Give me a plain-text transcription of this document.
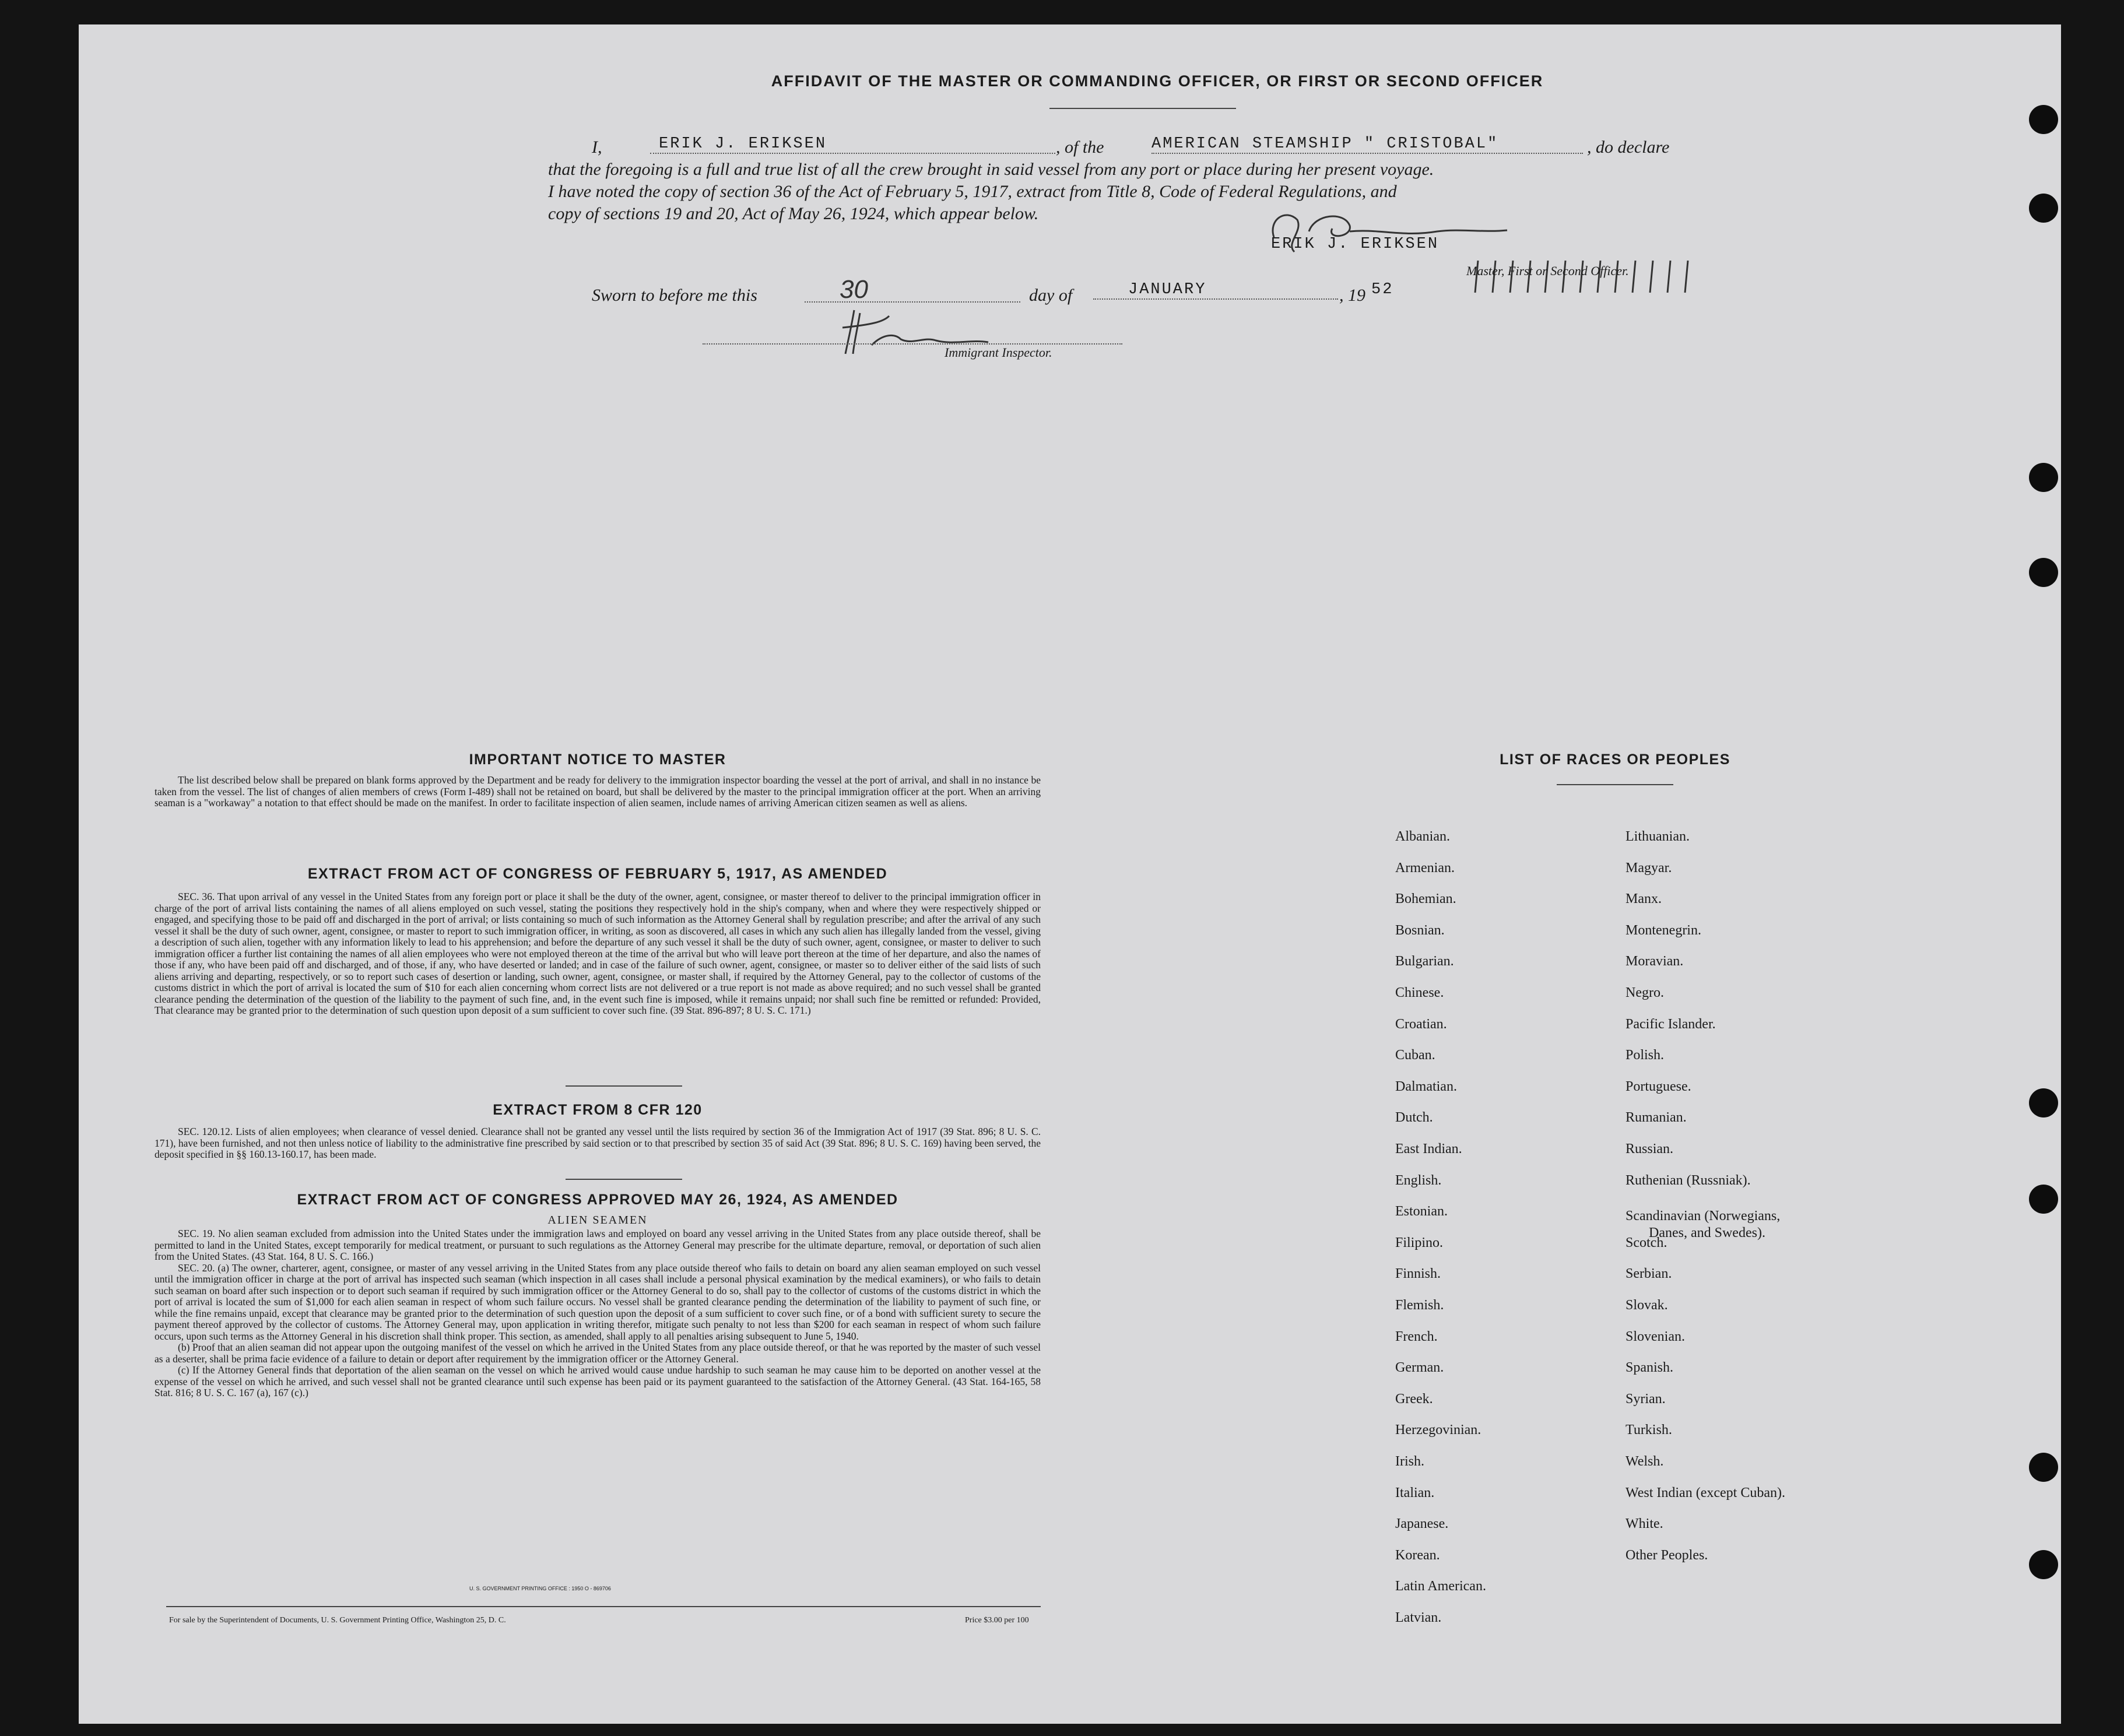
AFFIDAVIT OF THE MASTER OR COMMANDING OFFICER, OR FIRST OR SECOND OFFICER
I,	ERIK J. ERIKSEN	, of the	AMERICAN STEAMSHIP " CRISTOBAL"	, do declare
that the foregoing is a full and true list of all the crew brought in said vessel from any port or place during her present voyage.
I have noted the copy of section 36 of the Act of February 5, 1917, extract from Title 8, Code of Federal Regulations, and
copy of sections 19 and 20, Act of May 26, 1924, which appear below.
ERIK J. ERIKSEN
Master, First or Second Officer.
Sworn to before me this	30	day of	JANUARY	, 19 52
Immigrant Inspector.
IMPORTANT NOTICE TO MASTER

The list described below shall be prepared on blank forms approved by the Department and be ready for delivery to the immigration inspector boarding the vessel at the port of arrival, and shall in no instance be taken from the vessel. The list of changes of alien members of crews (Form I-489) shall not be retained on board, but shall be delivered by the master to the principal immigration officer at the port. When an arriving seaman is a "workaway" a notation to that effect should be made on the manifest. In order to facilitate inspection of alien seamen, include names of arriving American citizen seamen as well as aliens.

EXTRACT FROM ACT OF CONGRESS OF FEBRUARY 5, 1917, AS AMENDED

SEC. 36. That upon arrival of any vessel in the United States from any foreign port or place it shall be the duty of the owner, agent, consignee, or master thereof to deliver to the principal immigration officer in charge of the port of arrival lists containing the names of all aliens employed on such vessel, stating the positions they respectively hold in the ship's company, when and where they were respectively shipped or engaged, and specifying those to be paid off and discharged in the port of arrival; or lists containing so much of such information as the Attorney General shall by regulation prescribe; and after the arrival of any such vessel it shall be the duty of such owner, agent, consignee, or master to report to such immigration officer, in writing, as soon as discovered, all cases in which any such alien has illegally landed from the vessel, giving a description of such alien, together with any information likely to lead to his apprehension; and before the departure of any such vessel it shall be the duty of such owner, agent, consignee, or master to deliver to such immigration officer a further list containing the names of all alien employees who were not employed thereon at the time of the arrival but who will leave port thereon at the time of her departure, and also the names of those if any, who have been paid off and discharged, and of those, if any, who have deserted or landed; and in case of the failure of such owner, agent, consignee, or master so to deliver either of the said lists of such aliens arriving and departing, respectively, or so to report such cases of desertion or landing, such owner, agent, consignee, or master shall, if required by the Attorney General, pay to the collector of customs of the customs district in which the port of arrival is located the sum of $10 for each alien concerning whom correct lists are not delivered or a true report is not made as above required; and no such vessel shall be granted clearance pending the determination of the question of the liability to the payment of such fine, and, in the event such fine is imposed, while it remains unpaid; nor shall such fine be remitted or refunded: Provided, That clearance may be granted prior to the determination of such question upon deposit of a sum sufficient to cover such fine. (39 Stat. 896-897; 8 U. S. C. 171.)

EXTRACT FROM 8 CFR 120

SEC. 120.12. Lists of alien employees; when clearance of vessel denied. Clearance shall not be granted any vessel until the lists required by section 36 of the Immigration Act of 1917 (39 Stat. 896; 8 U. S. C. 171), have been furnished, and not then unless notice of liability to the administrative fine prescribed by said section or to that prescribed by section 35 of said Act (39 Stat. 896; 8 U. S. C. 169) having been served, the deposit specified in §§ 160.13-160.17, has been made.

EXTRACT FROM ACT OF CONGRESS APPROVED MAY 26, 1924, AS AMENDED
ALIEN SEAMEN

SEC. 19. No alien seaman excluded from admission into the United States under the immigration laws and employed on board any vessel arriving in the United States from any place outside thereof, shall be permitted to land in the United States, except temporarily for medical treatment, or pursuant to such regulations as the Attorney General may prescribe for the ultimate departure, removal, or deportation of such alien from the United States. (43 Stat. 164, 8 U. S. C. 166.)

SEC. 20. (a) The owner, charterer, agent, consignee, or master of any vessel arriving in the United States from any place outside thereof who fails to detain on board any alien seaman employed on such vessel until the immigration officer in charge at the port of arrival has inspected such seaman (which inspection in all cases shall include a personal physical examination by the medical examiners), or who fails to detain such seaman on board after such inspection or to deport such seaman if required by such immigration officer or the Attorney General to do so, shall pay to the collector of customs of the customs district in which the port of arrival is located the sum of $1,000 for each alien seaman in respect of whom such failure occurs. No vessel shall be granted clearance pending the determination of the liability to payment of such fine, or while the fine remains unpaid, except that clearance may be granted prior to the determination of such question upon the deposit of a sum sufficient to cover such fine, or of a bond with sufficient surety to secure the payment thereof approved by the collector of customs. The Attorney General may, upon application in writing therefor, mitigate such penalty to not less than $200 for each seaman in respect of whom such failure occurs, upon such terms as the Attorney General in his discretion shall think proper. This section, as amended, shall apply to all penalties arising subsequent to June 5, 1940.

(b) Proof that an alien seaman did not appear upon the outgoing manifest of the vessel on which he arrived in the United States from any place outside thereof, or that he was reported by the master of such vessel as a deserter, shall be prima facie evidence of a failure to detain or deport after requirement by the immigration officer or the Attorney General.

(c) If the Attorney General finds that deportation of the alien seaman on the vessel on which he arrived would cause undue hardship to such seaman he may cause him to be deported on another vessel at the expense of the vessel on which he arrived, and such vessel shall not be granted clearance until such expense has been paid or its payment guaranteed to the satisfaction of the Attorney General. (43 Stat. 164-165, 58 Stat. 816; 8 U. S. C. 167 (a), 167 (c).)

U. S. GOVERNMENT PRINTING OFFICE : 1950 O - 869706
For sale by the Superintendent of Documents, U. S. Government Printing Office, Washington 25, D. C.	Price $3.00 per 100
LIST OF RACES OR PEOPLES
Albanian.
Armenian.
Bohemian.
Bosnian.
Bulgarian.
Chinese.
Croatian.
Cuban.
Dalmatian.
Dutch.
East Indian.
English.
Estonian.
Filipino.
Finnish.
Flemish.
French.
German.
Greek.
Herzegovinian.
Irish.
Italian.
Japanese.
Korean.
Latin American.
Latvian.
Lithuanian.
Magyar.
Manx.
Montenegrin.
Moravian.
Negro.
Pacific Islander.
Polish.
Portuguese.
Rumanian.
Russian.
Ruthenian (Russniak).
Scandinavian (Norwegians,
Danes, and Swedes).
Scotch.
Serbian.
Slovak.
Slovenian.
Spanish.
Syrian.
Turkish.
Welsh.
West Indian (except Cuban).
White.
Other Peoples.
